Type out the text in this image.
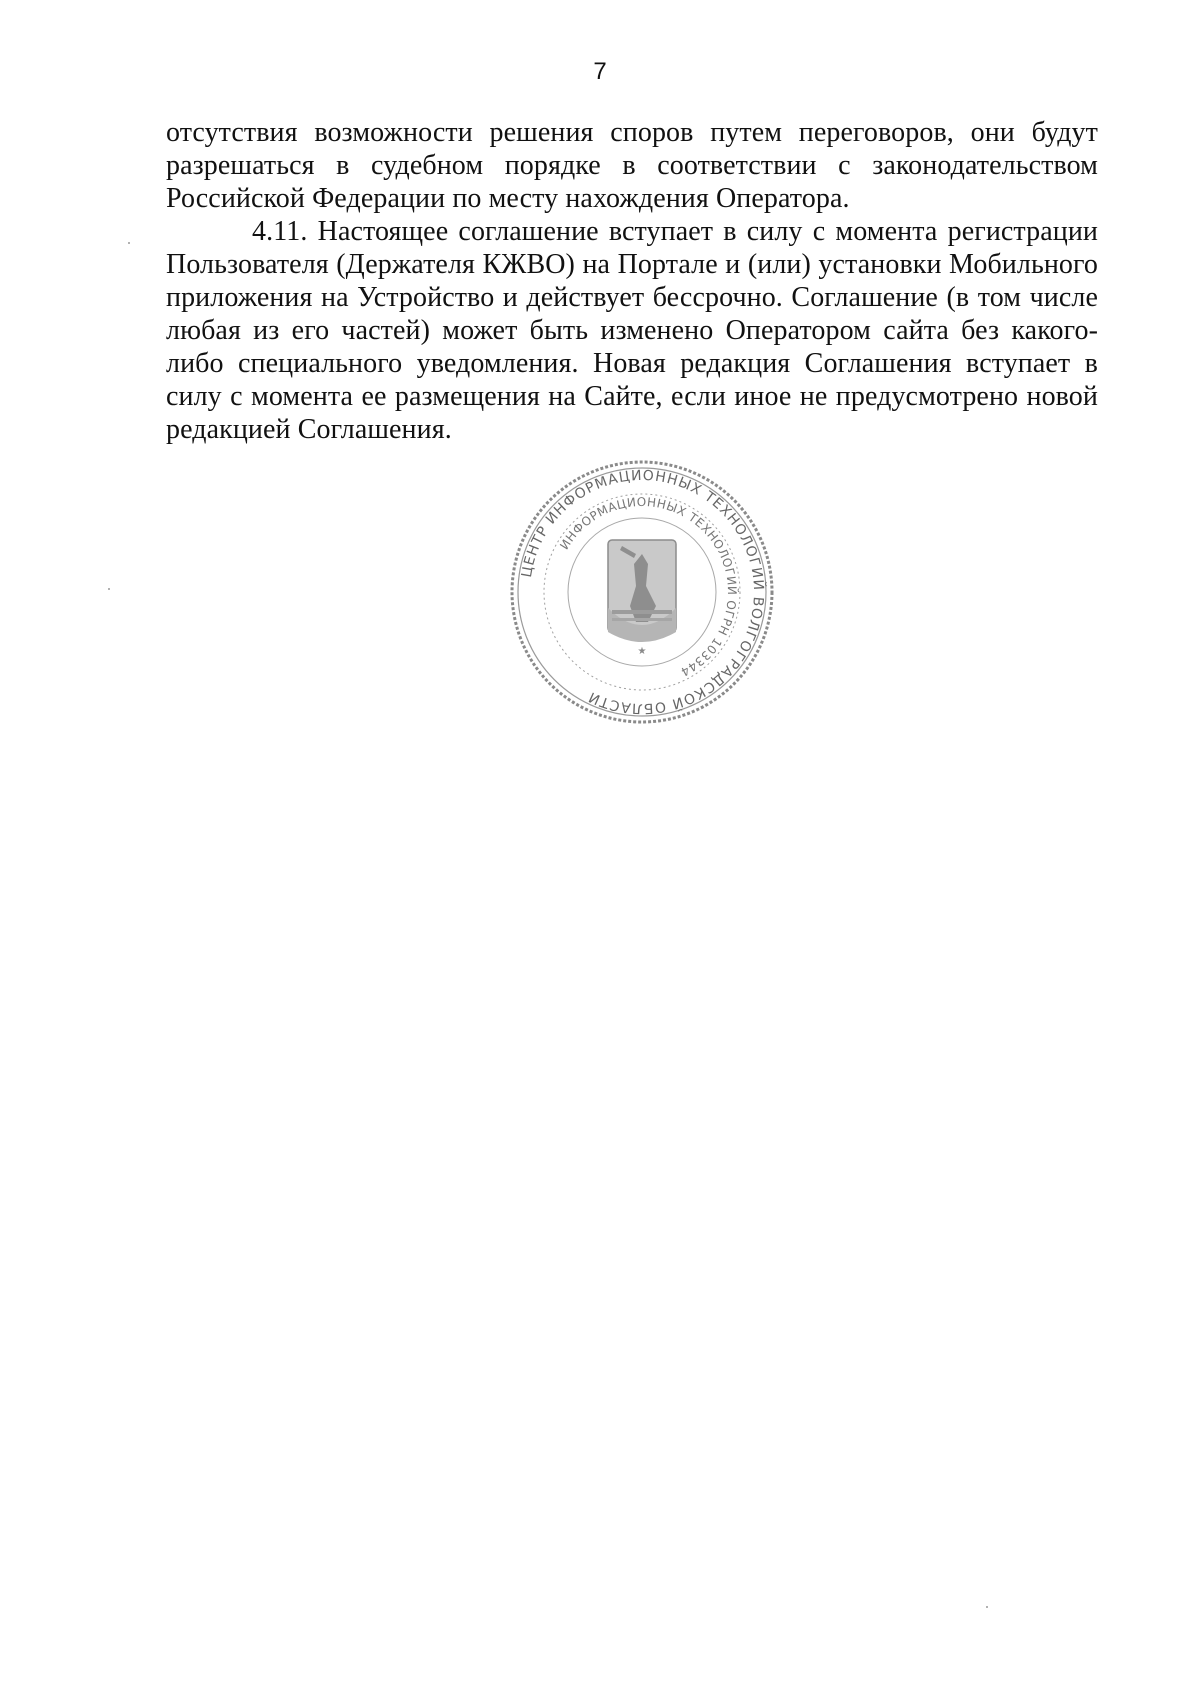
7

отсутствия возможности решения споров путем переговоров, они будут разрешаться в судебном порядке в соответствии с законодательством Российской Федерации по месту нахождения Оператора.

4.11. Настоящее соглашение вступает в силу с момента регистрации Пользователя (Держателя КЖВО) на Портале и (или) установки Мобильного приложения на Устройство и действует бессрочно. Соглашение (в том числе любая из его частей) может быть изменено Оператором сайта без какого-либо специального уведомления. Новая редакция Соглашения вступает в силу с момента ее размещения на Сайте, если иное не предусмотрено новой редакцией Соглашения.

ЦЕНТР ИНФОРМАЦИОННЫХ ТЕХНОЛОГИЙ ВОЛГОГРАДСКОЙ ОБЛАСТИ
ИНФОРМАЦИОННЫХ ТЕХНОЛОГИЙ ОГРН 103344
★
